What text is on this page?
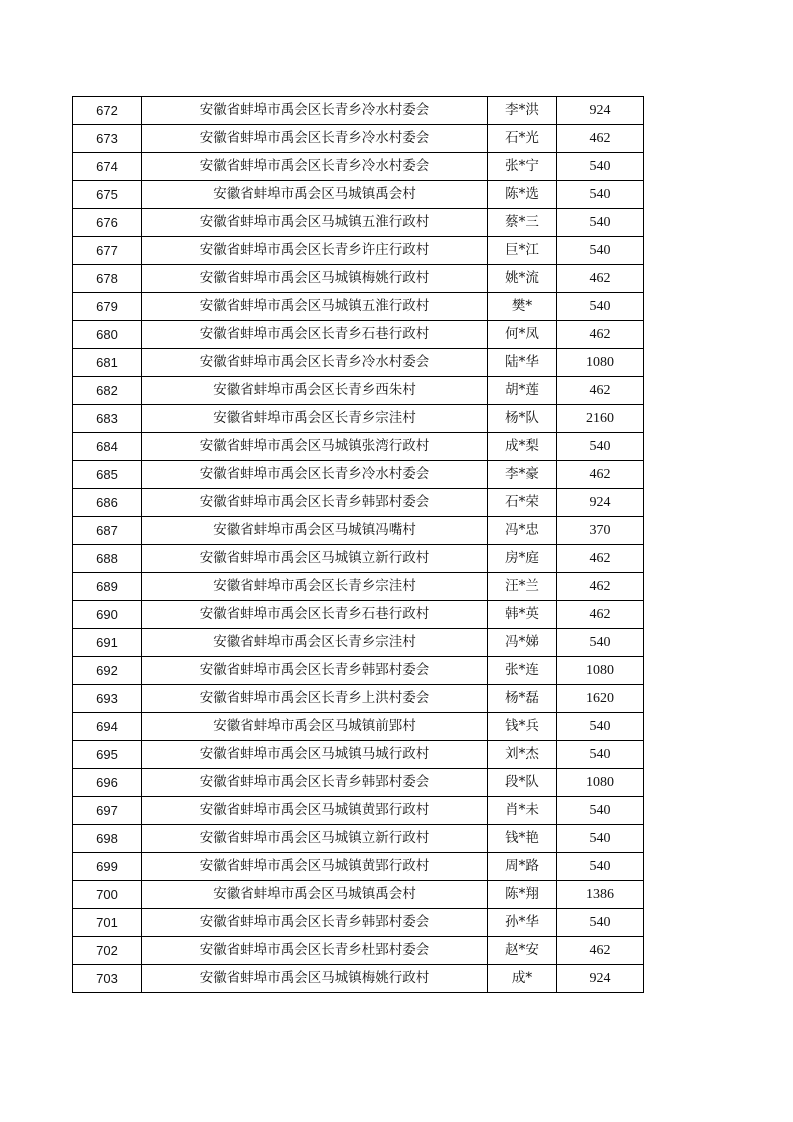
672	安徽省蚌埠市禹会区长青乡冷水村委会	李*洪	924
673	安徽省蚌埠市禹会区长青乡冷水村委会	石*光	462
674	安徽省蚌埠市禹会区长青乡冷水村委会	张*宁	540
675	安徽省蚌埠市禹会区马城镇禹会村	陈*选	540
676	安徽省蚌埠市禹会区马城镇五淮行政村	蔡*三	540
677	安徽省蚌埠市禹会区长青乡许庄行政村	巨*江	540
678	安徽省蚌埠市禹会区马城镇梅姚行政村	姚*流	462
679	安徽省蚌埠市禹会区马城镇五淮行政村	樊*	540
680	安徽省蚌埠市禹会区长青乡石巷行政村	何*凤	462
681	安徽省蚌埠市禹会区长青乡冷水村委会	陆*华	1080
682	安徽省蚌埠市禹会区长青乡西朱村	胡*莲	462
683	安徽省蚌埠市禹会区长青乡宗洼村	杨*队	2160
684	安徽省蚌埠市禹会区马城镇张湾行政村	成*梨	540
685	安徽省蚌埠市禹会区长青乡冷水村委会	李*豪	462
686	安徽省蚌埠市禹会区长青乡韩郢村委会	石*荣	924
687	安徽省蚌埠市禹会区马城镇冯嘴村	冯*忠	370
688	安徽省蚌埠市禹会区马城镇立新行政村	房*庭	462
689	安徽省蚌埠市禹会区长青乡宗洼村	汪*兰	462
690	安徽省蚌埠市禹会区长青乡石巷行政村	韩*英	462
691	安徽省蚌埠市禹会区长青乡宗洼村	冯*娣	540
692	安徽省蚌埠市禹会区长青乡韩郢村委会	张*连	1080
693	安徽省蚌埠市禹会区长青乡上洪村委会	杨*磊	1620
694	安徽省蚌埠市禹会区马城镇前郢村	钱*兵	540
695	安徽省蚌埠市禹会区马城镇马城行政村	刘*杰	540
696	安徽省蚌埠市禹会区长青乡韩郢村委会	段*队	1080
697	安徽省蚌埠市禹会区马城镇黄郢行政村	肖*未	540
698	安徽省蚌埠市禹会区马城镇立新行政村	钱*艳	540
699	安徽省蚌埠市禹会区马城镇黄郢行政村	周*路	540
700	安徽省蚌埠市禹会区马城镇禹会村	陈*翔	1386
701	安徽省蚌埠市禹会区长青乡韩郢村委会	孙*华	540
702	安徽省蚌埠市禹会区长青乡杜郢村委会	赵*安	462
703	安徽省蚌埠市禹会区马城镇梅姚行政村	成*	924
